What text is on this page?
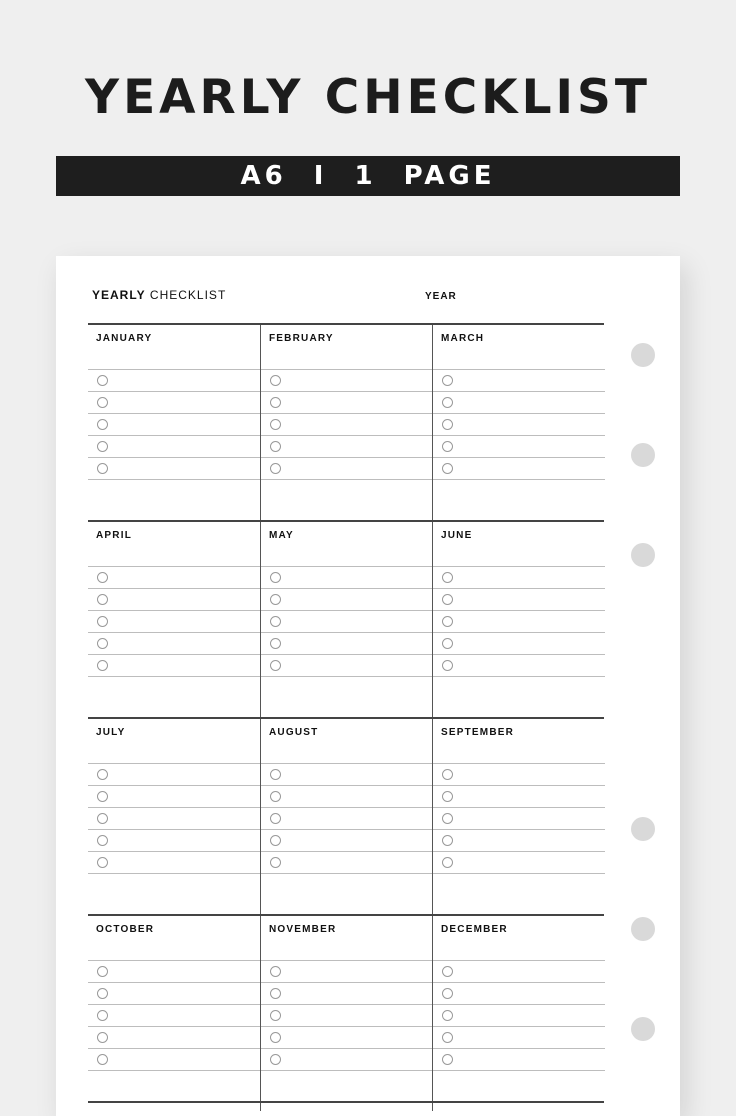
YEARLY CHECKLIST
A6 I 1 PAGE
YEARLY CHECKLIST	YEAR
JANUARY	FEBRUARY	MARCH
APRIL	MAY	JUNE
JULY	AUGUST	SEPTEMBER
OCTOBER	NOVEMBER	DECEMBER
